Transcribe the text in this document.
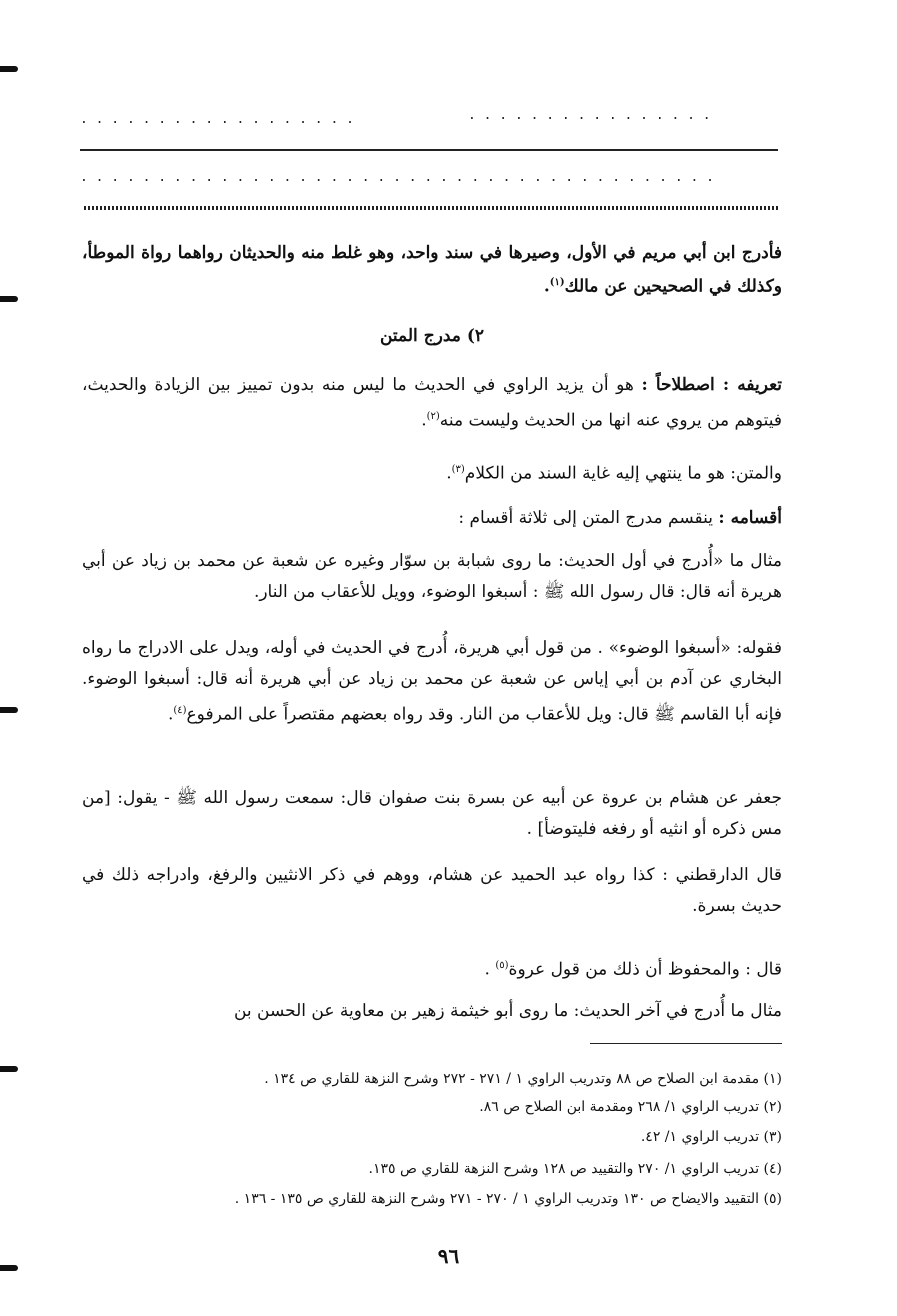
. . . . . . . . . . . . . . . . . .	. . . . . . . . . . . . . . . .
. . . . . . . . . . . . . . . . . . . . . . . . . . . . . . . . . . . . . . . . .
فأدرج ابن أبي مريم في الأول، وصيرها في سند واحد، وهو غلط منه والحديثان رواهما رواة الموطأ، وكذلك في الصحيحين عن مالك$^{(١)}$.
٢) مدرج المتن
تعريفه : اصطلاحاً : هو أن يزيد الراوي في الحديث ما ليس منه بدون تمييز بين الزيادة والحديث، فيتوهم من يروي عنه انها من الحديث وليست منه$^{(٢)}$.
والمتن: هو ما ينتهي إليه غاية السند من الكلام$^{(٣)}$.
أقسامه : ينقسم مدرج المتن إلى ثلاثة أقسام :
مثال ما «أُدرج في أول الحديث: ما روى شبابة بن سوّار وغيره عن شعبة عن محمد بن زياد عن أبي هريرة أنه قال: قال رسول الله ﷺ : أسبغوا الوضوء، وويل للأعقاب من النار.
فقوله: «أسبغوا الوضوء» . من قول أبي هريرة، أُدرج في الحديث في أوله، ويدل على الادراج ما رواه البخاري عن آدم بن أبي إياس عن شعبة عن محمد بن زياد عن أبي هريرة أنه قال: أسبغوا الوضوء. فإنه أبا القاسم ﷺ قال: ويل للأعقاب من النار. وقد رواه بعضهم مقتصراً على المرفوع$^{(٤)}$.
جعفر عن هشام بن عروة عن أبيه عن بسرة بنت صفوان قال: سمعت رسول الله ﷺ - يقول: [من مس ذكره أو انثيه أو رفغه فليتوضأ] .
قال الدارقطني : كذا رواه عبد الحميد عن هشام، ووهم في ذكر الانثيين والرفغ، وادراجه ذلك في حديث بسرة.
قال : والمحفوظ أن ذلك من قول عروة$^{(٥)}$ .
مثال ما أُدرج في آخر الحديث: ما روى أبو خيثمة زهير بن معاوية عن الحسن بن
(١) مقدمة ابن الصلاح ص ٨٨ وتدريب الراوي ١ / ٢٧١ - ٢٧٢ وشرح النزهة للقاري ص ١٣٤ .
(٢) تدريب الراوي ١/ ٢٦٨ ومقدمة ابن الصلاح ص ٨٦.
(٣) تدريب الراوي ١/ ٤٢.
(٤) تدريب الراوي ١/ ٢٧٠ والتقييد ص ١٢٨ وشرح النزهة للقاري ص ١٣٥.
(٥) التقييد والايضاح ص ١٣٠ وتدريب الراوي ١ / ٢٧٠ - ٢٧١ وشرح النزهة للقاري ص ١٣٥ - ١٣٦ .
٩٦
